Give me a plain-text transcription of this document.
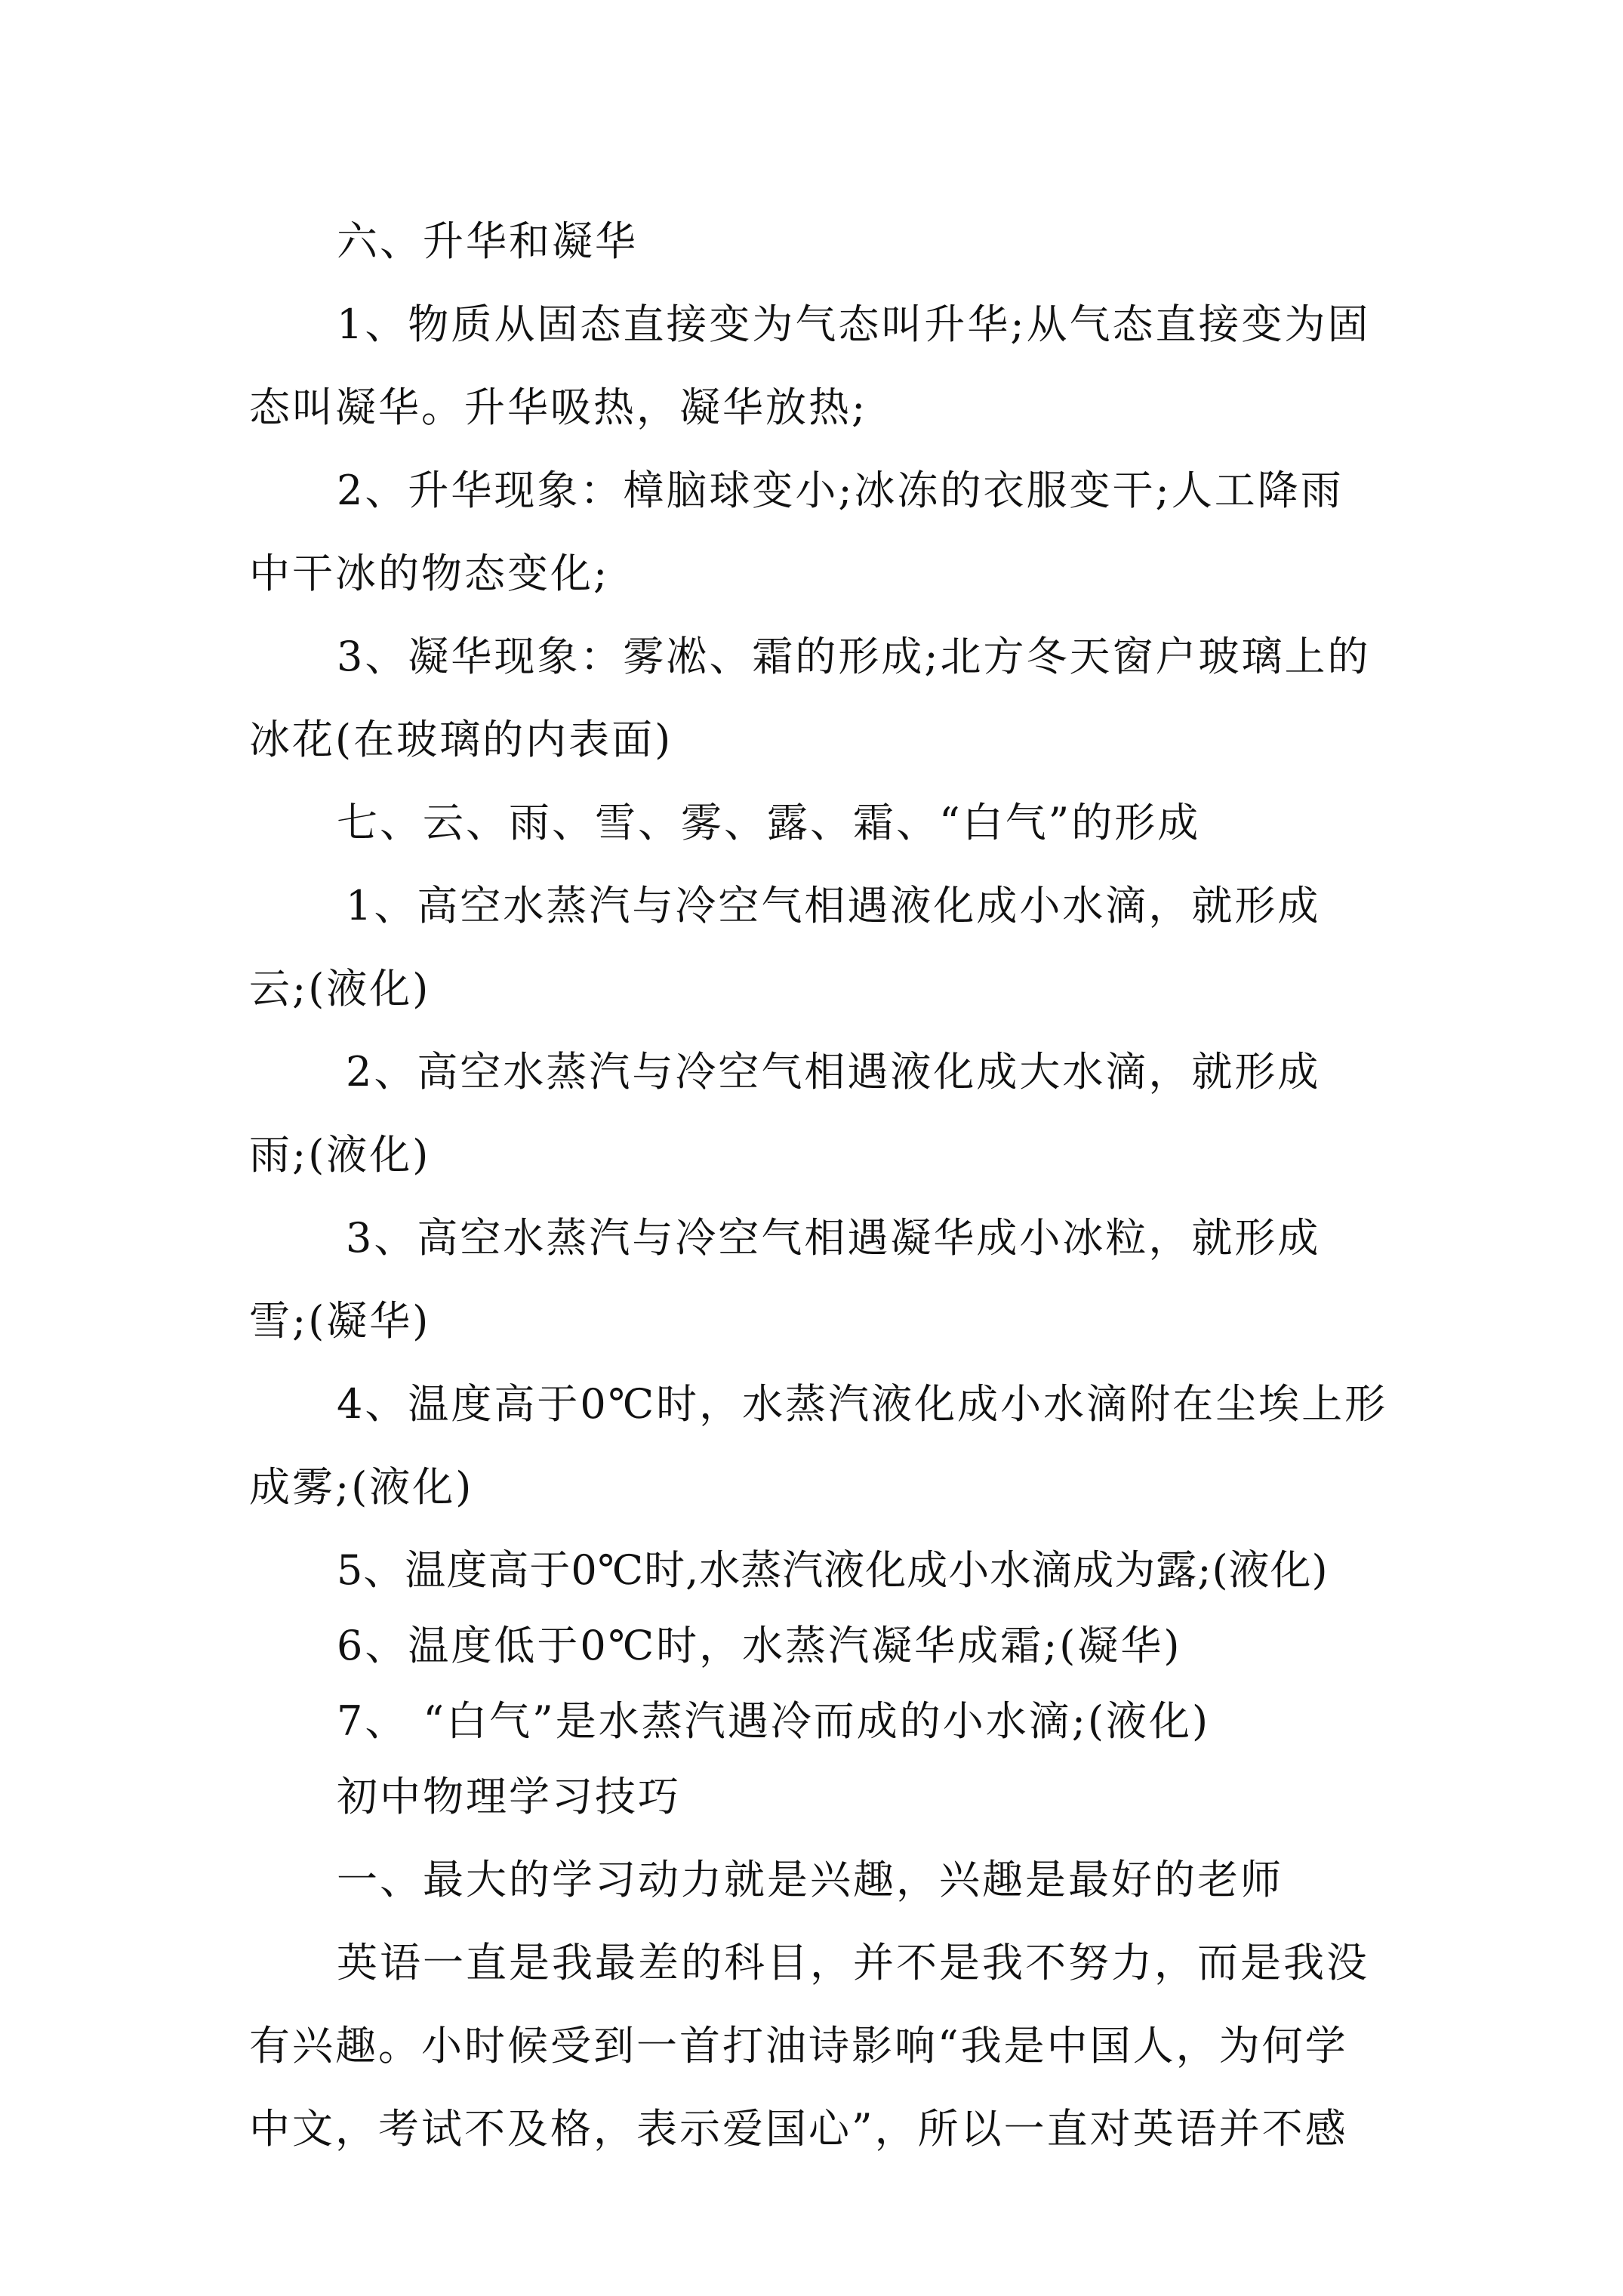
六、升华和凝华
1、物质从固态直接变为气态叫升华;从气态直接变为固
态叫凝华。升华吸热，凝华放热;
2、升华现象：樟脑球变小;冰冻的衣服变干;人工降雨
中干冰的物态变化;
3、凝华现象：雾凇、霜的形成;北方冬天窗户玻璃上的
冰花(在玻璃的内表面)
七、云、雨、雪、雾、露、霜、“白气”的形成
1、高空水蒸汽与冷空气相遇液化成小水滴，就形成
云;(液化)
2、高空水蒸汽与冷空气相遇液化成大水滴，就形成
雨;(液化)
3、高空水蒸汽与冷空气相遇凝华成小冰粒，就形成
雪;(凝华)
4、温度高于0℃时，水蒸汽液化成小水滴附在尘埃上形
成雾;(液化)
5、温度高于0℃时,水蒸汽液化成小水滴成为露;(液化)
6、温度低于0℃时，水蒸汽凝华成霜;(凝华)
7、 “白气”是水蒸汽遇冷而成的小水滴;(液化)
初中物理学习技巧
一、最大的学习动力就是兴趣，兴趣是最好的老师
英语一直是我最差的科目，并不是我不努力，而是我没
有兴趣。小时候受到一首打油诗影响“我是中国人，为何学
中文，考试不及格，表示爱国心”，所以一直对英语并不感
